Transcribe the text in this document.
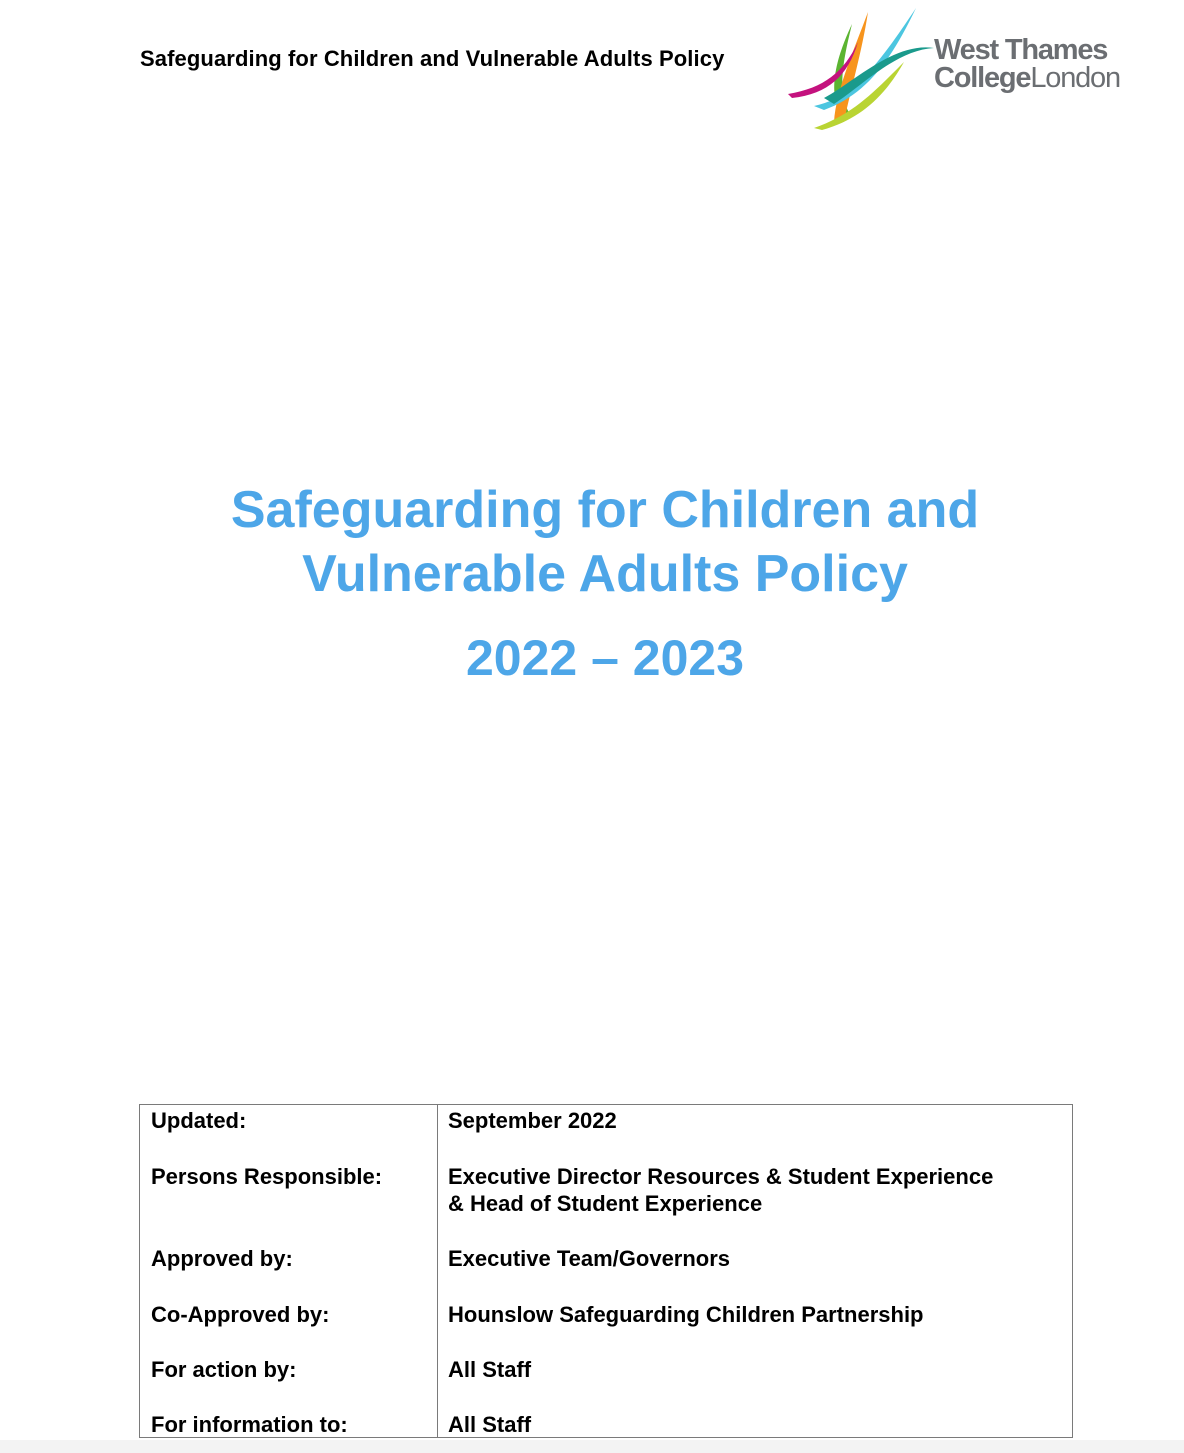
Safeguarding for Children and Vulnerable Adults Policy	West Thames
CollegeLondon
Safeguarding for Children and
Vulnerable Adults Policy
2022 – 2023
Updated:	September 2022
Persons Responsible:	Executive Director Resources & Student Experience
& Head of Student Experience
Approved by:	Executive Team/Governors
Co-Approved by:	Hounslow Safeguarding Children Partnership
For action by:	All Staff
For information to:	All Staff
